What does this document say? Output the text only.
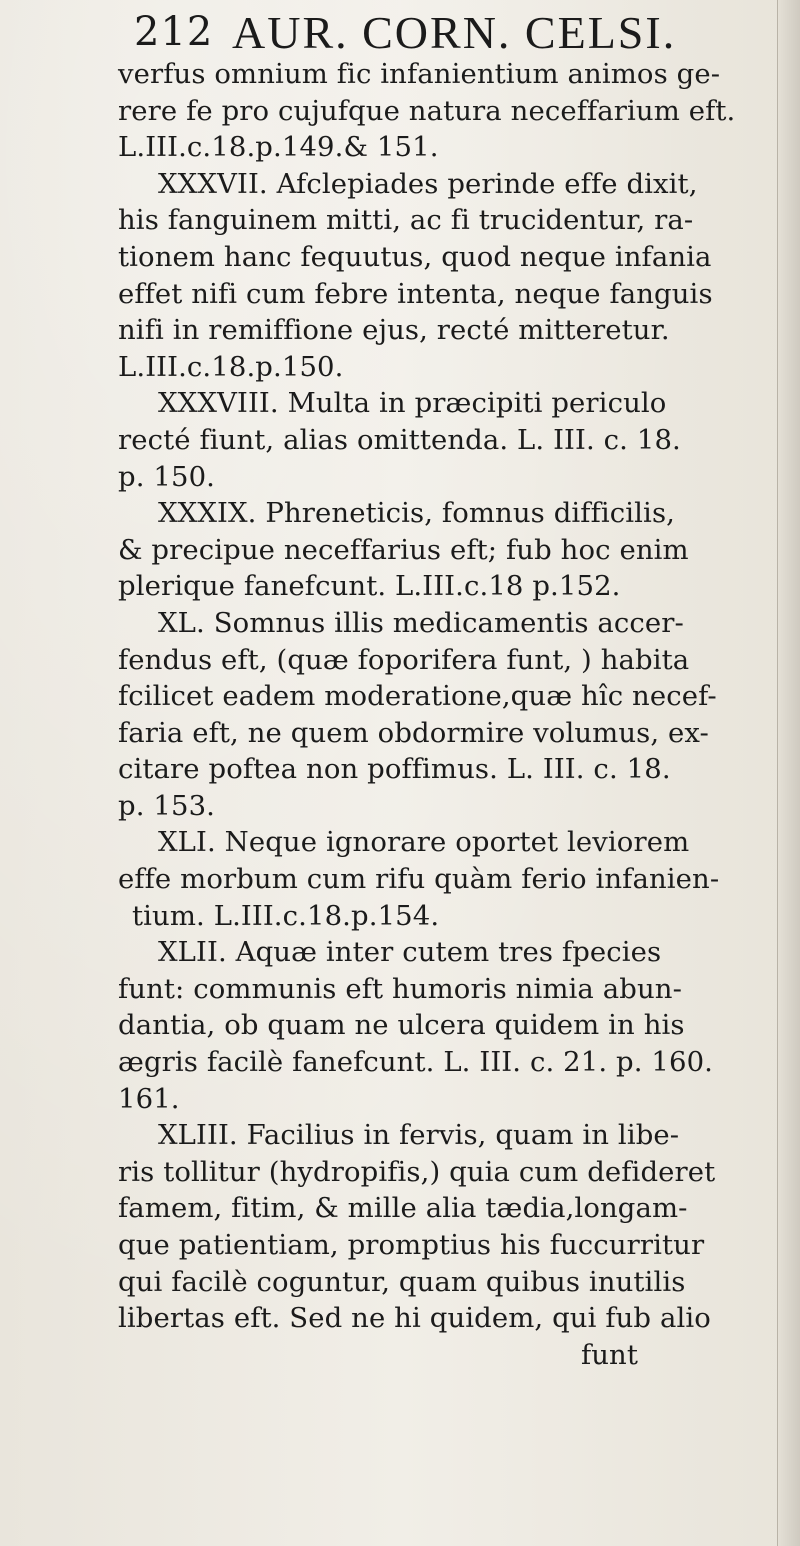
212 AUR. CORN. CELSI.
verfus omnium fic infanientium animos ge-
rere fe pro cujufque natura neceffarium eft.
L.III.c.18.p.149.& 151.
XXXVII. Afclepiades perinde effe dixit,
his fanguinem mitti, ac fi trucidentur, ra-
tionem hanc fequutus, quod neque infania
effet nifi cum febre intenta, neque fanguis
nifi in remiffione ejus, recté mitteretur.
L.III.c.18.p.150.
XXXVIII. Multa in præcipiti periculo
recté fiunt, alias omittenda. L. III. c. 18.
p. 150.
XXXIX. Phreneticis, fomnus difficilis,
& precipue neceffarius eft; fub hoc enim
plerique fanefcunt. L.III.c.18 p.152.
XL. Somnus illis medicamentis accer-
fendus eft, (quæ foporifera funt, ) habita
fcilicet eadem moderatione,quæ hîc necef-
faria eft, ne quem obdormire volumus, ex-
citare poftea non poffimus. L. III. c. 18.
p. 153.
XLI. Neque ignorare oportet leviorem
effe morbum cum rifu quàm ferio infanien-
tium. L.III.c.18.p.154.
XLII. Aquæ inter cutem tres fpecies
funt: communis eft humoris nimia abun-
dantia, ob quam ne ulcera quidem in his
ægris facilè fanefcunt. L. III. c. 21. p. 160.
161.
XLIII. Facilius in fervis, quam in libe-
ris tollitur (hydropifis,) quia cum defideret
famem, fitim, & mille alia tædia,longam-
que patientiam, promptius his fuccurritur
qui facilè coguntur, quam quibus inutilis
libertas eft. Sed ne hi quidem, qui fub alio
funt
